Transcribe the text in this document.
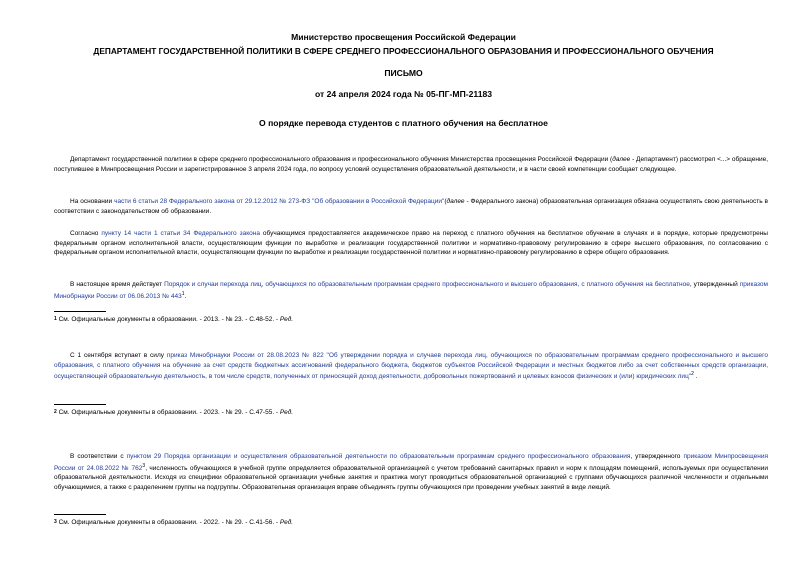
Министерство просвещения Российской Федерации
ДЕПАРТАМЕНТ ГОСУДАРСТВЕННОЙ ПОЛИТИКИ В СФЕРЕ СРЕДНЕГО ПРОФЕССИОНАЛЬНОГО ОБРАЗОВАНИЯ И ПРОФЕССИОНАЛЬНОГО ОБУЧЕНИЯ
ПИСЬМО
от 24 апреля 2024 года № 05-ПГ-МП-21183
О порядке перевода студентов с платного обучения на бесплатное
Департамент государственной политики в сфере среднего профессионального образования и профессионального обучения Министерства просвещения Российской Федерации (далее - Департамент) рассмотрел <...> обращение, поступившее в Минпросвещения России и зарегистрированное 3 апреля 2024 года, по вопросу условий осуществления образовательной деятельности, и в части своей компетенции сообщает следующее.
На основании части 6 статьи 28 Федерального закона от 29.12.2012 № 273-ФЗ "Об образовании в Российской Федерации"(далее - Федерального закона) образовательная организация обязана осуществлять свою деятельность в соответствии с законодательством об образовании.
Согласно пункту 14 части 1 статьи 34 Федерального закона обучающимся предоставляется академическое право на переход с платного обучения на бесплатное обучение в случаях и в порядке, которые предусмотрены федеральным органом исполнительной власти, осуществляющим функции по выработке и реализации государственной политики и нормативно-правовому регулированию в сфере высшего образования, по согласованию с федеральным органом исполнительной власти, осуществляющим функции по выработке и реализации государственной политики и нормативно-правовому регулированию в сфере общего образования.
В настоящее время действует Порядок и случаи перехода лиц, обучающихся по образовательным программам среднего профессионального и высшего образования, с платного обучения на бесплатное, утвержденный приказом Минобрнауки России от 06.06.2013 № $443^1$.
1 См. Официальные документы в образовании. - 2013. - № 23. - С.48-52. - Ред.
С 1 сентября вступает в силу приказ Минобрнауки России от 28.08.2023 № 822 "Об утверждении порядка и случаев перехода лиц, обучающихся по образовательным программам среднего профессионального и высшего образования, с платного обучения на обучение за счет средств бюджетных ассигнований федерального бюджета, бюджетов субъектов Российской Федерации и местных бюджетов либо за счет собственных средств организации, осуществляющей образовательную деятельность, в том числе средств, полученных от приносящей доход деятельности, добровольных пожертвований и целевых взносов физических и (или) юридических лиц"$^2$ .
2 См. Официальные документы в образовании. - 2023. - № 29. - С.47-55. - Ред.
В соответствии с пунктом 29 Порядка организации и осуществления образовательной деятельности по образовательным программам среднего профессионального образования, утвержденного приказом Минпросвещения России от 24.08.2022 № $762^3$, численность обучающихся в учебной группе определяется образовательной организацией с учетом требований санитарных правил и норм к площадям помещений, используемых при осуществлении образовательной деятельности. Исходя из специфики образовательной организации учебные занятия и практика могут проводиться образовательной организацией с группами обучающихся различной численности и отдельными обучающимися, а также с разделением группы на подгруппы. Образовательная организация вправе объединять группы обучающихся при проведении учебных занятий в виде лекций.
3 См. Официальные документы в образовании. - 2022. - № 29. - С.41-56. - Ред.
